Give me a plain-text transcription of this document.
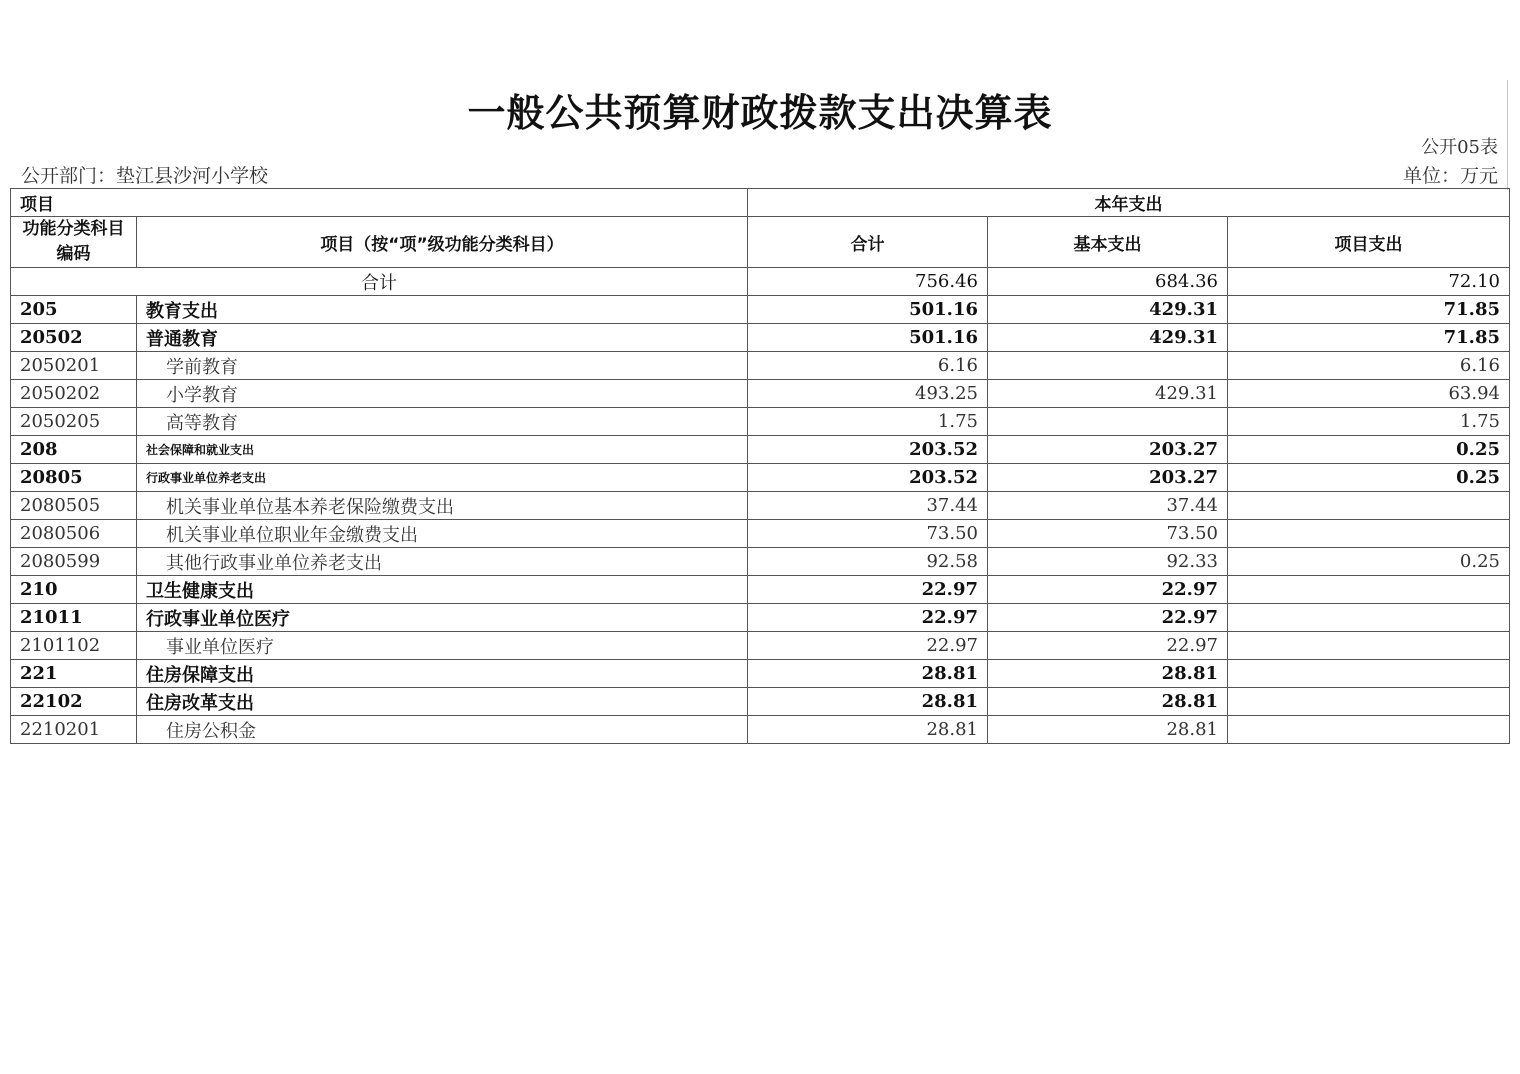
一般公共预算财政拨款支出决算表
公开05表
公开部门：垫江县沙河小学校	单位：万元
项目		本年支出		
功能分类科目编码	项目（按“项”级功能分类科目）	合计	基本支出	项目支出
合计		756.46	684.36	72.10
205	教育支出	501.16	429.31	71.85
20502	普通教育	501.16	429.31	71.85
2050201	学前教育	6.16		6.16
2050202	小学教育	493.25	429.31	63.94
2050205	高等教育	1.75		1.75
208	社会保障和就业支出	203.52	203.27	0.25
20805	行政事业单位养老支出	203.52	203.27	0.25
2080505	机关事业单位基本养老保险缴费支出	37.44	37.44	
2080506	机关事业单位职业年金缴费支出	73.50	73.50	
2080599	其他行政事业单位养老支出	92.58	92.33	0.25
210	卫生健康支出	22.97	22.97	
21011	行政事业单位医疗	22.97	22.97	
2101102	事业单位医疗	22.97	22.97	
221	住房保障支出	28.81	28.81	
22102	住房改革支出	28.81	28.81	
2210201	住房公积金	28.81	28.81	
